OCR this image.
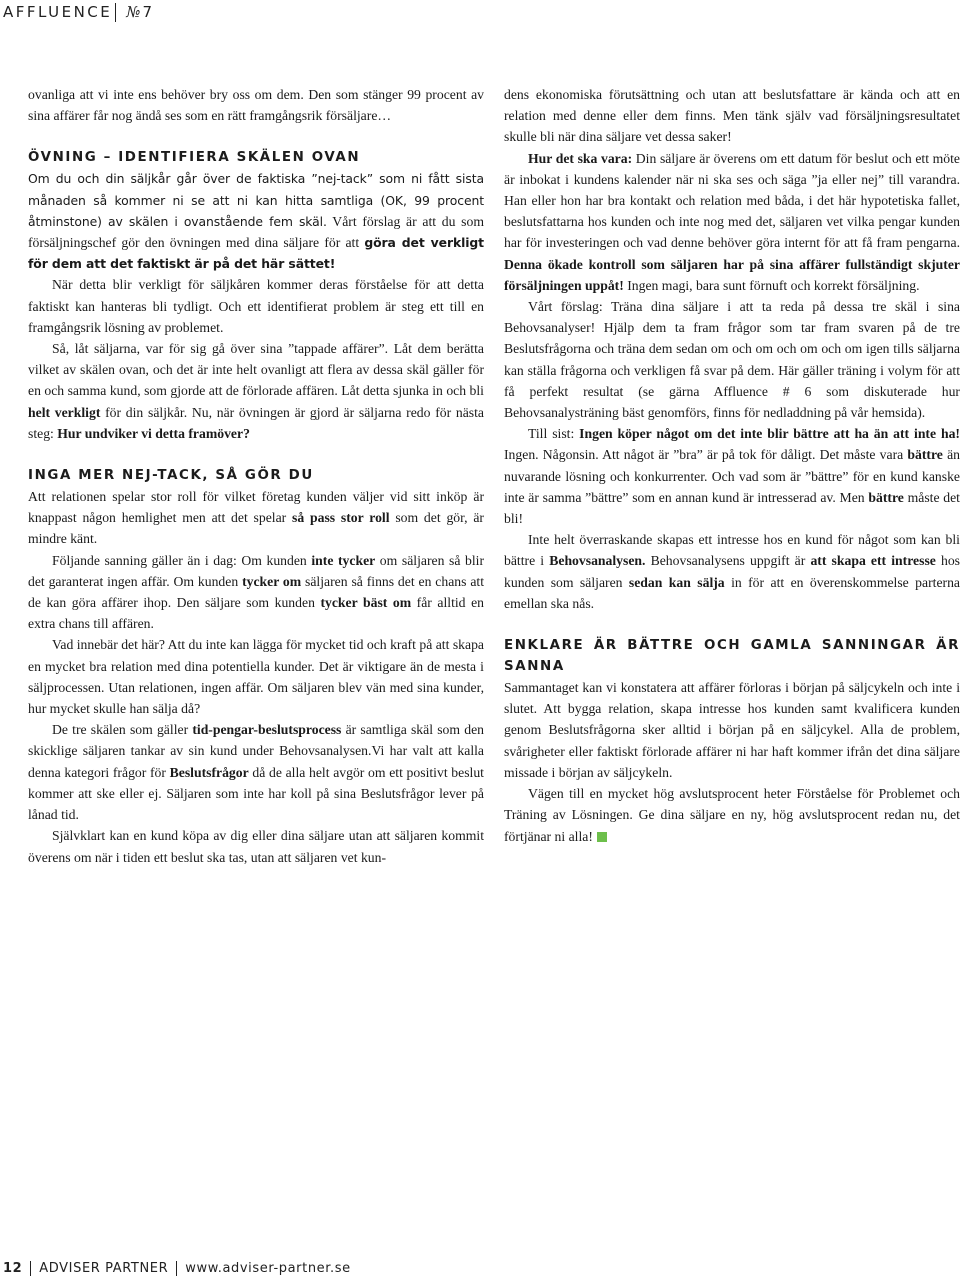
AFFLUENCE № 7

ovanliga att vi inte ens behöver bry oss om dem. Den som stänger 99 procent av sina affärer får nog ändå ses som en rätt framgångsrik försäljare…

ÖVNING – IDENTIFIERA SKÄLEN OVAN

Om du och din säljkår går över de faktiska ”nej-tack” som ni fått sista månaden så kommer ni se att ni kan hitta samtliga (OK, 99 procent åtminstone) av skälen i ovanstående fem skäl. Vårt förslag är att du som försäljningschef gör den övningen med dina säljare för att göra det verkligt för dem att det faktiskt är på det här sättet!

När detta blir verkligt för säljkåren kommer deras förståelse för att detta faktiskt kan hanteras bli tydligt. Och ett identifierat problem är steg ett till en framgångsrik lösning av problemet.

Så, låt säljarna, var för sig gå över sina ”tappade affärer”. Låt dem berätta vilket av skälen ovan, och det är inte helt ovanligt att flera av dessa skäl gäller för en och samma kund, som gjorde att de förlorade affären. Låt detta sjunka in och bli helt verkligt för din säljkår. Nu, när övningen är gjord är säljarna redo för nästa steg: Hur undviker vi detta framöver?

INGA MER NEJ-TACK, SÅ GÖR DU

Att relationen spelar stor roll för vilket företag kunden väljer vid sitt inköp är knappast någon hemlighet men att det spelar så pass stor roll som det gör, är mindre känt.

Följande sanning gäller än i dag: Om kunden inte tycker om säljaren så blir det garanterat ingen affär. Om kunden tycker om säljaren så finns det en chans att de kan göra affärer ihop. Den säljare som kunden tycker bäst om får alltid en extra chans till affären.

Vad innebär det här? Att du inte kan lägga för mycket tid och kraft på att skapa en mycket bra relation med dina potentiella kunder. Det är viktigare än de mesta i säljprocessen. Utan relationen, ingen affär. Om säljaren blev vän med sina kunder, hur mycket skulle han sälja då?

De tre skälen som gäller tid-pengar-beslutsprocess är samtliga skäl som den skicklige säljaren tankar av sin kund under Behovsanalysen.Vi har valt att kalla denna kategori frågor för Beslutsfrågor då de alla helt avgör om ett positivt beslut kommer att ske eller ej. Säljaren som inte har koll på sina Beslutsfrågor lever på lånad tid.

Självklart kan en kund köpa av dig eller dina säljare utan att säljaren kommit överens om när i tiden ett beslut ska tas, utan att säljaren vet kun-

dens ekonomiska förutsättning och utan att beslutsfattare är kända och att en relation med denne eller dem finns. Men tänk själv vad försäljningsresultatet skulle bli när dina säljare vet dessa saker!

Hur det ska vara: Din säljare är överens om ett datum för beslut och ett möte är inbokat i kundens kalender när ni ska ses och säga ”ja eller nej” till varandra. Han eller hon har bra kontakt och relation med båda, i det här hypotetiska fallet, beslutsfattarna hos kunden och inte nog med det, säljaren vet vilka pengar kunden har för investeringen och vad denne behöver göra internt för att få fram pengarna. Denna ökade kontroll som säljaren har på sina affärer fullständigt skjuter försäljningen uppåt! Ingen magi, bara sunt förnuft och korrekt försäljning.

Vårt förslag: Träna dina säljare i att ta reda på dessa tre skäl i sina Behovsanalyser! Hjälp dem ta fram frågor som tar fram svaren på de tre Beslutsfrågorna och träna dem sedan om och om och om och om igen tills säljarna kan ställa frågorna och verkligen få svar på dem. Här gäller träning i volym för att få perfekt resultat (se gärna Affluence # 6 som diskuterade hur Behovsanalysträning bäst genomförs, finns för nedladdning på vår hemsida).

Till sist: Ingen köper något om det inte blir bättre att ha än att inte ha! Ingen. Någonsin. Att något är ”bra” är på tok för dåligt. Det måste vara bättre än nuvarande lösning och konkurrenter. Och vad som är ”bättre” för en kund kanske inte är samma ”bättre” som en annan kund är intresserad av. Men bättre måste det bli!

Inte helt överraskande skapas ett intresse hos en kund för något som kan bli bättre i Behovsanalysen. Behovsanalysens uppgift är att skapa ett intresse hos kunden som säljaren sedan kan sälja in för att en överenskommelse parterna emellan ska nås.

ENKLARE ÄR BÄTTRE OCH GAMLA SANNINGAR ÄR SANNA

Sammantaget kan vi konstatera att affärer förloras i början på säljcykeln och inte i slutet. Att bygga relation, skapa intresse hos kunden samt kvalificera kunden genom Beslutsfrågorna sker alltid i början på en säljcykel. Alla de problem, svårigheter eller faktiskt förlorade affärer ni har haft kommer ifrån det dina säljare missade i början av säljcykeln.

Vägen till en mycket hög avslutsprocent heter Förståelse för Problemet och Träning av Lösningen. Ge dina säljare en ny, hög avslutsprocent redan nu, det förtjänar ni alla!

12 ADVISER PARTNER www.adviser-partner.se
